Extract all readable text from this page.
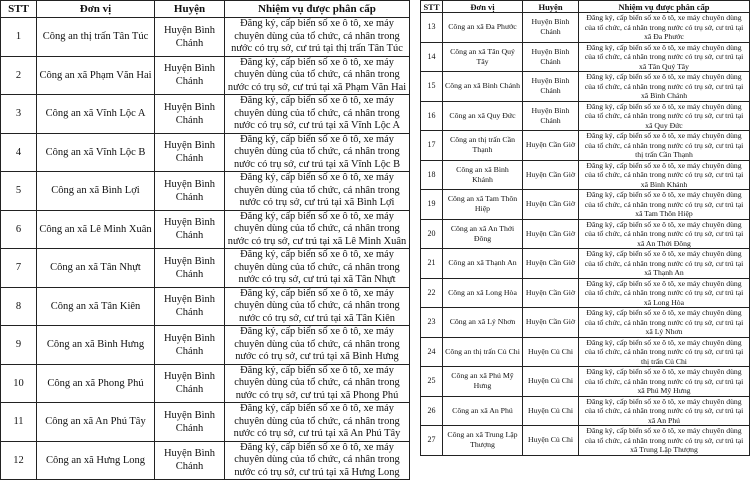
STT	Đơn vị	Huyện	Nhiệm vụ được phân cấp
1	Công an thị trấn Tân Túc	Huyện Bình Chánh	Đăng ký, cấp biển số xe ô tô, xe máy chuyên dùng của tổ chức, cá nhân trong nước có trụ sở, cư trú tại thị trấn Tân Túc
2	Công an xã Phạm Văn Hai	Huyện Bình Chánh	Đăng ký, cấp biển số xe ô tô, xe máy chuyên dùng của tổ chức, cá nhân trong nước có trụ sở, cư trú tại xã Phạm Văn Hai
3	Công an xã Vĩnh Lộc A	Huyện Bình Chánh	Đăng ký, cấp biển số xe ô tô, xe máy chuyên dùng của tổ chức, cá nhân trong nước có trụ sở, cư trú tại xã Vĩnh Lộc A
4	Công an xã Vĩnh Lộc B	Huyện Bình Chánh	Đăng ký, cấp biển số xe ô tô, xe máy chuyên dùng của tổ chức, cá nhân trong nước có trụ sở, cư trú tại xã Vĩnh Lộc B
5	Công an xã Bình Lợi	Huyện Bình Chánh	Đăng ký, cấp biển số xe ô tô, xe máy chuyên dùng của tổ chức, cá nhân trong nước có trụ sở, cư trú tại xã Bình Lợi
6	Công an xã Lê Minh Xuân	Huyện Bình Chánh	Đăng ký, cấp biển số xe ô tô, xe máy chuyên dùng của tổ chức, cá nhân trong nước có trụ sở, cư trú tại xã Lê Minh Xuân
7	Công an xã Tân Nhựt	Huyện Bình Chánh	Đăng ký, cấp biển số xe ô tô, xe máy chuyên dùng của tổ chức, cá nhân trong nước có trụ sở, cư trú tại xã Tân Nhựt
8	Công an xã Tân Kiên	Huyện Bình Chánh	Đăng ký, cấp biển số xe ô tô, xe máy chuyên dùng của tổ chức, cá nhân trong nước có trụ sở, cư trú tại xã Tân Kiên
9	Công an xã Bình Hưng	Huyện Bình Chánh	Đăng ký, cấp biển số xe ô tô, xe máy chuyên dùng của tổ chức, cá nhân trong nước có trụ sở, cư trú tại xã Bình Hưng
10	Công an xã Phong Phú	Huyện Bình Chánh	Đăng ký, cấp biển số xe ô tô, xe máy chuyên dùng của tổ chức, cá nhân trong nước có trụ sở, cư trú tại xã Phong Phú
11	Công an xã An Phú Tây	Huyện Bình Chánh	Đăng ký, cấp biển số xe ô tô, xe máy chuyên dùng của tổ chức, cá nhân trong nước có trụ sở, cư trú tại xã An Phú Tây
12	Công an xã Hưng Long	Huyện Bình Chánh	Đăng ký, cấp biển số xe ô tô, xe máy chuyên dùng của tổ chức, cá nhân trong nước có trụ sở, cư trú tại xã Hưng Long
STT	Đơn vị	Huyện	Nhiệm vụ được phân cấp
13	Công an xã Đa Phước	Huyện Bình Chánh	Đăng ký, cấp biển số xe ô tô, xe máy chuyên dùng của tổ chức, cá nhân trong nước có trụ sở, cư trú tại xã Đa Phước
14	Công an xã Tân Quý Tây	Huyện Bình Chánh	Đăng ký, cấp biển số xe ô tô, xe máy chuyên dùng của tổ chức, cá nhân trong nước có trụ sở, cư trú tại xã Tân Quý Tây
15	Công an xã Bình Chánh	Huyện Bình Chánh	Đăng ký, cấp biển số xe ô tô, xe máy chuyên dùng của tổ chức, cá nhân trong nước có trụ sở, cư trú tại xã Bình Chánh
16	Công an xã Quy Đức	Huyện Bình Chánh	Đăng ký, cấp biển số xe ô tô, xe máy chuyên dùng của tổ chức, cá nhân trong nước có trụ sở, cư trú tại xã Quy Đức
17	Công an thị trấn Cần Thạnh	Huyện Cần Giờ	Đăng ký, cấp biển số xe ô tô, xe máy chuyên dùng của tổ chức, cá nhân trong nước có trụ sở, cư trú tại thị trấn Cần Thạnh
18	Công an xã Bình Khánh	Huyện Cần Giờ	Đăng ký, cấp biển số xe ô tô, xe máy chuyên dùng của tổ chức, cá nhân trong nước có trụ sở, cư trú tại xã Bình Khánh
19	Công an xã Tam Thôn Hiệp	Huyện Cần Giờ	Đăng ký, cấp biển số xe ô tô, xe máy chuyên dùng của tổ chức, cá nhân trong nước có trụ sở, cư trú tại xã Tam Thôn Hiệp
20	Công an xã An Thới Đông	Huyện Cần Giờ	Đăng ký, cấp biển số xe ô tô, xe máy chuyên dùng của tổ chức, cá nhân trong nước có trụ sở, cư trú tại xã An Thới Đông
21	Công an xã Thạnh An	Huyện Cần Giờ	Đăng ký, cấp biển số xe ô tô, xe máy chuyên dùng của tổ chức, cá nhân trong nước có trụ sở, cư trú tại xã Thạnh An
22	Công an xã Long Hòa	Huyện Cần Giờ	Đăng ký, cấp biển số xe ô tô, xe máy chuyên dùng của tổ chức, cá nhân trong nước có trụ sở, cư trú tại xã Long Hòa
23	Công an xã Lý Nhơn	Huyện Cần Giờ	Đăng ký, cấp biển số xe ô tô, xe máy chuyên dùng của tổ chức, cá nhân trong nước có trụ sở, cư trú tại xã Lý Nhơn
24	Công an thị trấn Củ Chi	Huyện Củ Chi	Đăng ký, cấp biển số xe ô tô, xe máy chuyên dùng của tổ chức, cá nhân trong nước có trụ sở, cư trú tại thị trấn Củ Chi
25	Công an xã Phú Mỹ Hưng	Huyện Củ Chi	Đăng ký, cấp biển số xe ô tô, xe máy chuyên dùng của tổ chức, cá nhân trong nước có trụ sở, cư trú tại xã Phú Mỹ Hưng
26	Công an xã An Phú	Huyện Củ Chi	Đăng ký, cấp biển số xe ô tô, xe máy chuyên dùng của tổ chức, cá nhân trong nước có trụ sở, cư trú tại xã An Phú
27	Công an xã Trung Lập Thượng	Huyện Củ Chi	Đăng ký, cấp biển số xe ô tô, xe máy chuyên dùng của tổ chức, cá nhân trong nước có trụ sở, cư trú tại xã Trung Lập Thượng
